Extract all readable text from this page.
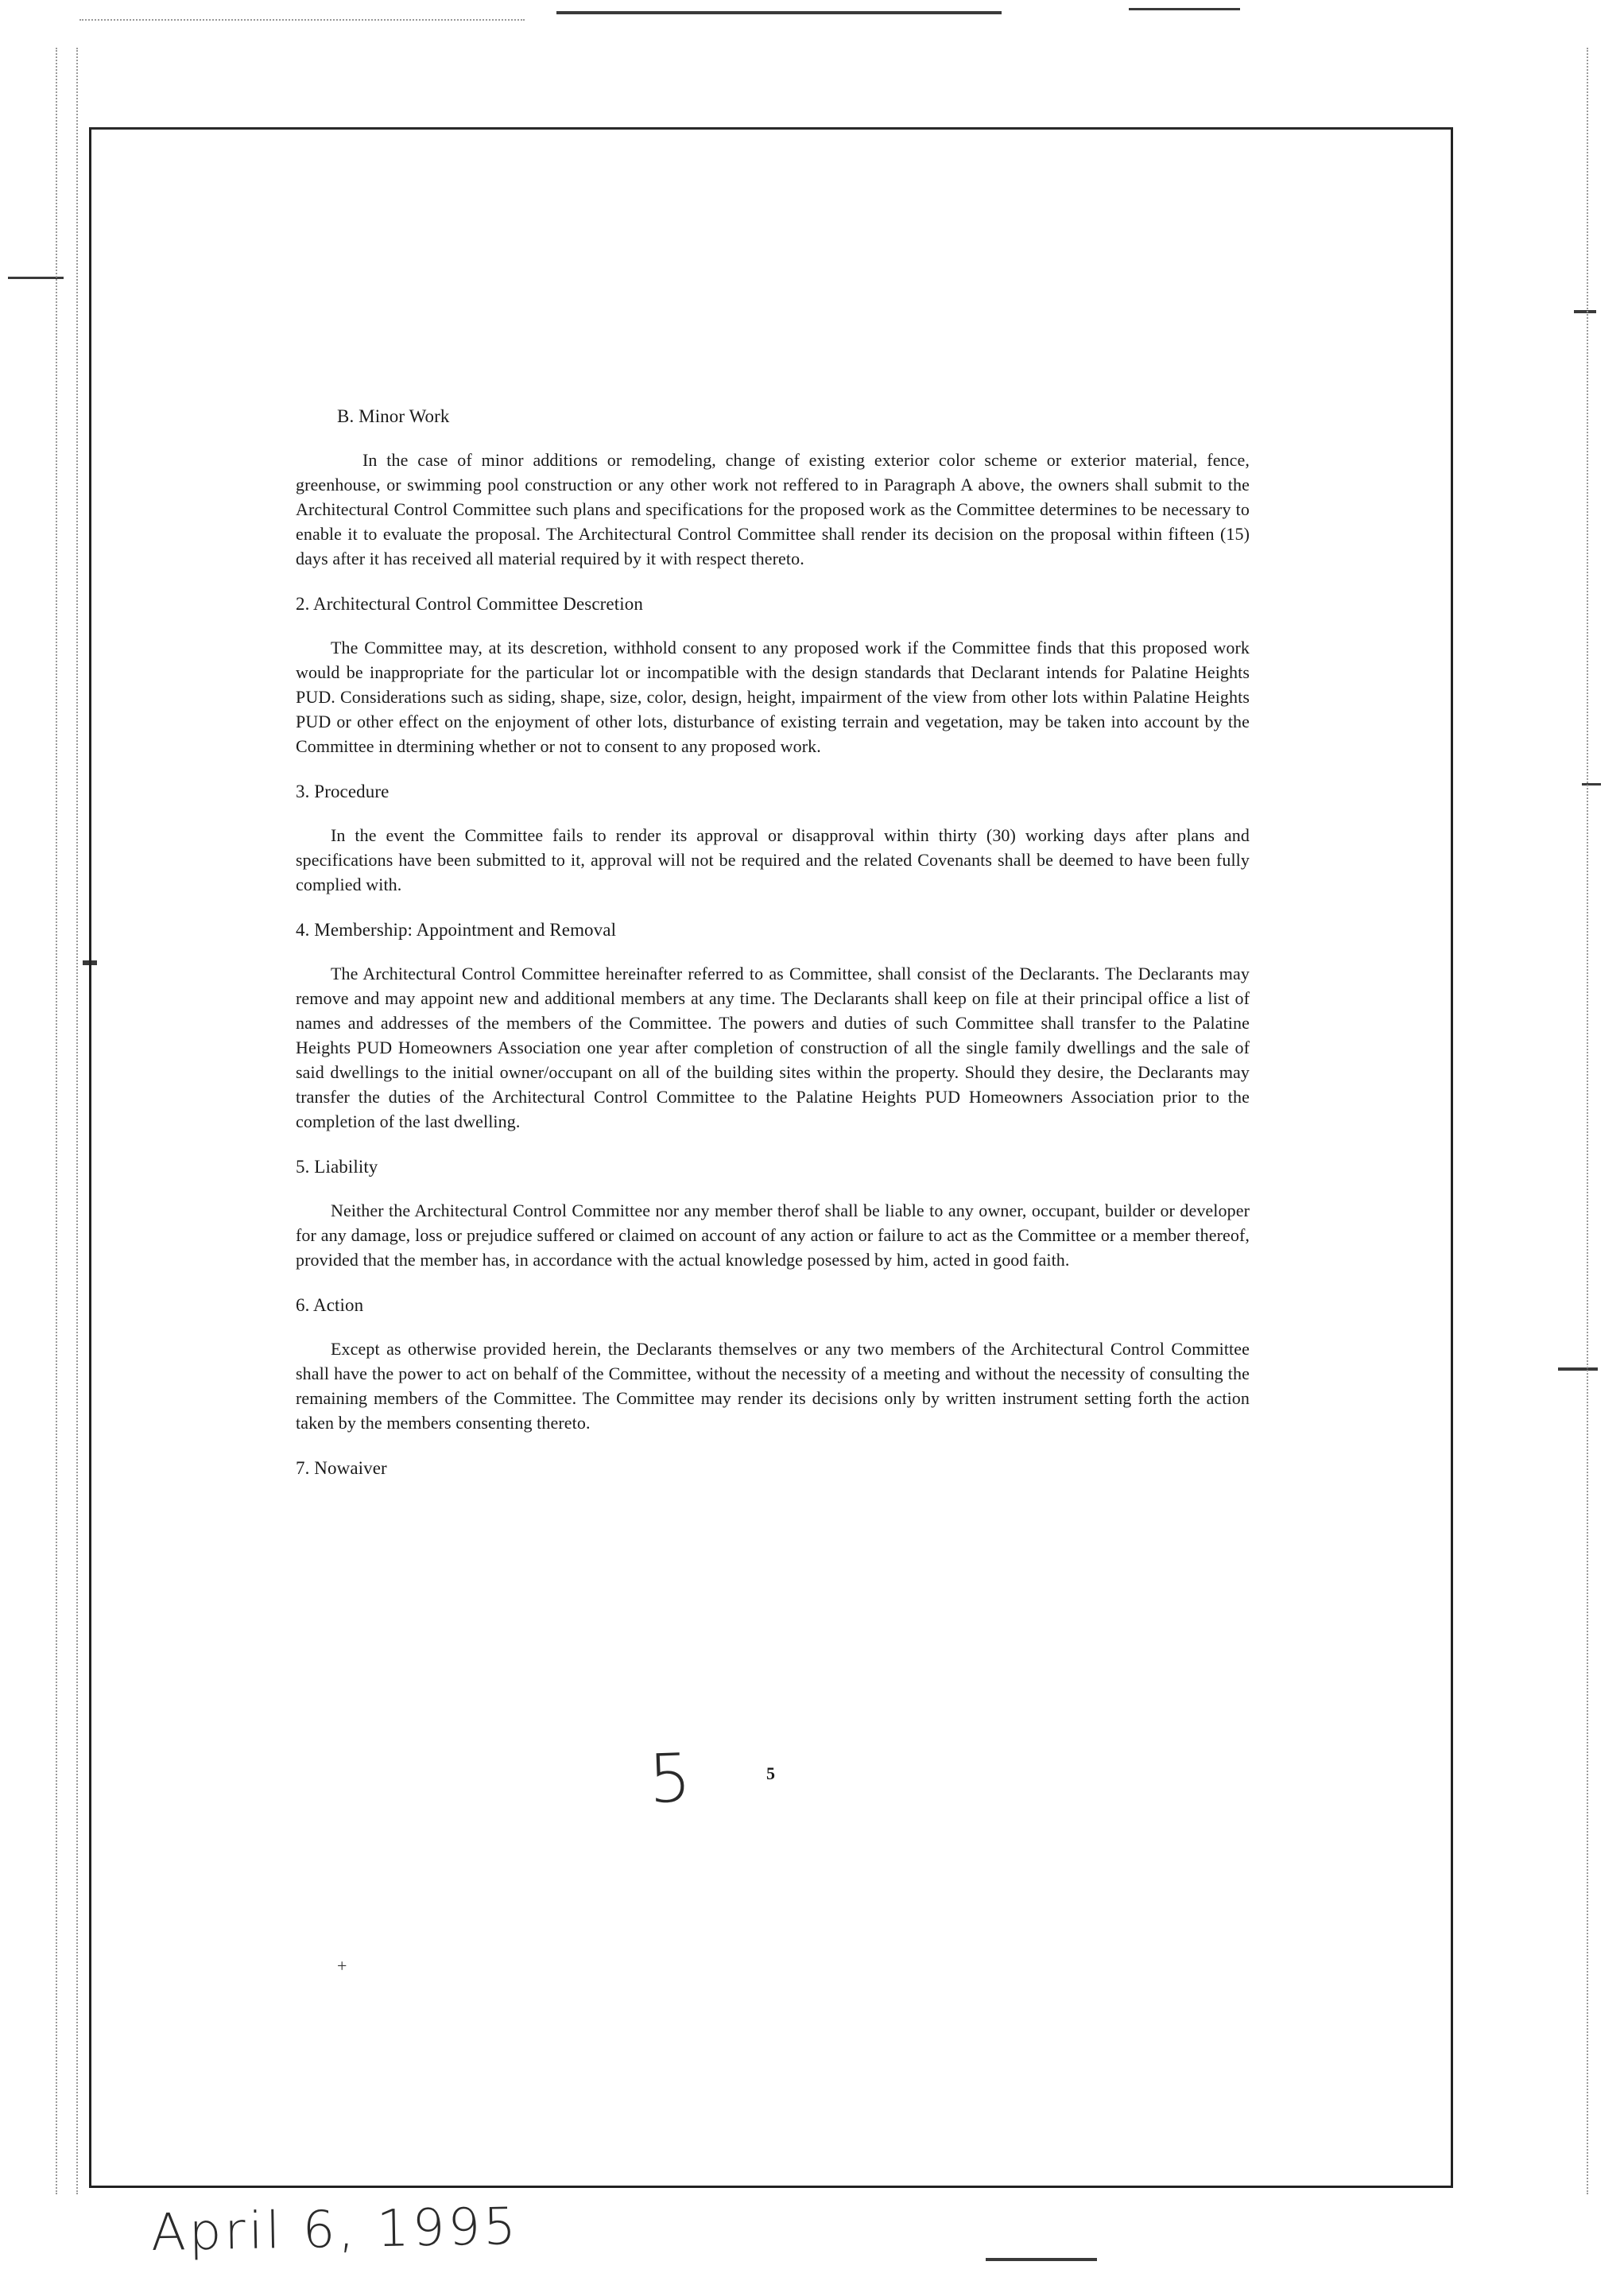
B. Minor Work

In the case of minor additions or remodeling, change of existing exterior color scheme or exterior material, fence, greenhouse, or swimming pool construction or any other work not reffered to in Paragraph A above, the owners shall submit to the Architectural Control Committee such plans and specifications for the proposed work as the Committee determines to be necessary to enable it to evaluate the proposal. The Architectural Control Committee shall render its decision on the proposal within fifteen (15) days after it has received all material required by it with respect thereto.

2. Architectural Control Committee Descretion

The Committee may, at its descretion, withhold consent to any proposed work if the Committee finds that this proposed work would be inappropriate for the particular lot or incompatible with the design standards that Declarant intends for Palatine Heights PUD. Considerations such as siding, shape, size, color, design, height, impairment of the view from other lots within Palatine Heights PUD or other effect on the enjoyment of other lots, disturbance of existing terrain and vegetation, may be taken into account by the Committee in dtermining whether or not to consent to any proposed work.

3. Procedure

In the event the Committee fails to render its approval or disapproval within thirty (30) working days after plans and specifications have been submitted to it, approval will not be required and the related Covenants shall be deemed to have been fully complied with.

4. Membership: Appointment and Removal

The Architectural Control Committee hereinafter referred to as Committee, shall consist of the Declarants. The Declarants may remove and may appoint new and additional members at any time. The Declarants shall keep on file at their principal office a list of names and addresses of the members of the Committee. The powers and duties of such Committee shall transfer to the Palatine Heights PUD Homeowners Association one year after completion of construction of all the single family dwellings and the sale of said dwellings to the initial owner/occupant on all of the building sites within the property. Should they desire, the Declarants may transfer the duties of the Architectural Control Committee to the Palatine Heights PUD Homeowners Association prior to the completion of the last dwelling.

5. Liability

Neither the Architectural Control Committee nor any member therof shall be liable to any owner, occupant, builder or developer for any damage, loss or prejudice suffered or claimed on account of any action or failure to act as the Committee or a member thereof, provided that the member has, in accordance with the actual knowledge posessed by him, acted in good faith.

6. Action

Except as otherwise provided herein, the Declarants themselves or any two members of the Architectural Control Committee shall have the power to act on behalf of the Committee, without the necessity of a meeting and without the necessity of consulting the remaining members of the Committee. The Committee may render its decisions only by written instrument setting forth the action taken by the members consenting thereto.

7. Nowaiver
5	5
+
April 6, 1995
